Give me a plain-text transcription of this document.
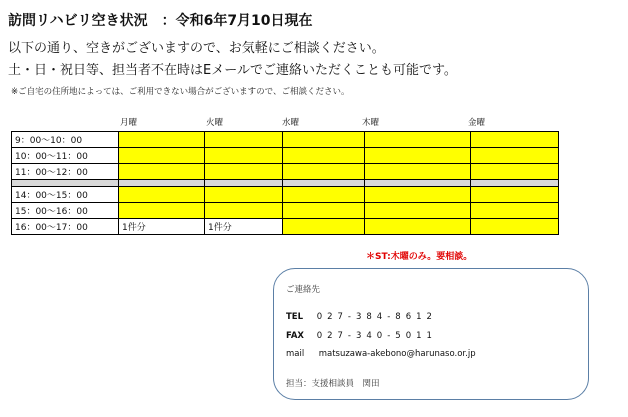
訪問リハビリ空き状況　：令和6年7月10日現在
以下の通り、空きがございますので、お気軽にご相談ください。
土・日・祝日等、担当者不在時はEメールでご連絡いただくことも可能です。
※ご自宅の住所地によっては、ご利用できない場合がございますので、ご相談ください。
月曜	火曜	水曜	木曜	金曜
9：00〜10：00					
10：00〜11：00					
11：00〜12：00					

14：00〜15：00					
15：00〜16：00					
16：00〜17：00	1件分	1件分			
＊ST:木曜のみ。要相談。
ご連絡先
TEL 027-384-8612
FAX 027-340-5011
mail matsuzawa-akebono@harunaso.or.jp
担当：支援相談員　関田
